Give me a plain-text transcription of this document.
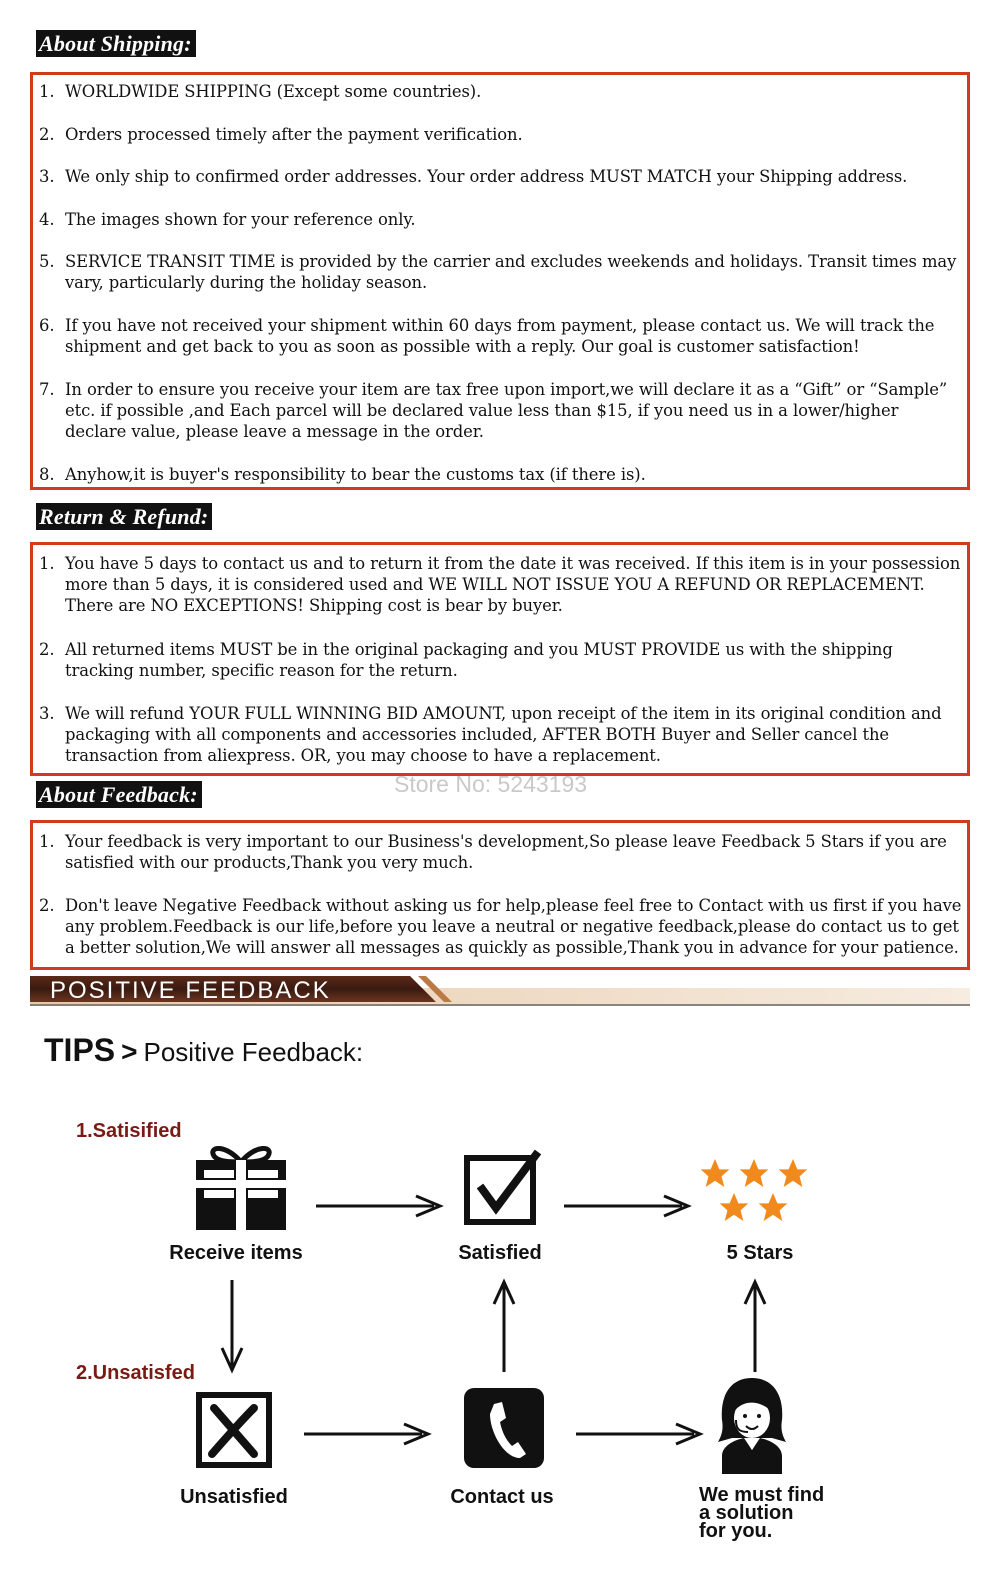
About Shipping:
1. WORLDWIDE SHIPPING (Except some countries).
2. Orders processed timely after the payment verification.
3. We only ship to confirmed order addresses. Your order address MUST MATCH your Shipping address.
4. The images shown for your reference only.
5. SERVICE TRANSIT TIME is provided by the carrier and excludes weekends and holidays. Transit times may vary, particularly during the holiday season.
6. If you have not received your shipment within 60 days from payment, please contact us. We will track the shipment and get back to you as soon as possible with a reply. Our goal is customer satisfaction!
7. In order to ensure you receive your item are tax free upon import,we will declare it as a “Gift” or “Sample” etc. if possible ,and Each parcel will be declared value less than $15, if you need us in a lower/higher declare value, please leave a message in the order.
8. Anyhow,it is buyer's responsibility to bear the customs tax (if there is).
Return & Refund:
1. You have 5 days to contact us and to return it from the date it was received. If this item is in your possession more than 5 days, it is considered used and WE WILL NOT ISSUE YOU A REFUND OR REPLACEMENT. There are NO EXCEPTIONS! Shipping cost is bear by buyer.
2. All returned items MUST be in the original packaging and you MUST PROVIDE us with the shipping tracking number, specific reason for the return.
3. We will refund YOUR FULL WINNING BID AMOUNT, upon receipt of the item in its original condition and packaging with all components and accessories included, AFTER BOTH Buyer and Seller cancel the transaction from aliexpress. OR, you may choose to have a replacement.
About Feedback:	Store No: 5243193
1. Your feedback is very important to our Business's development,So please leave Feedback 5 Stars if you are satisfied with our products,Thank you very much.
2. Don't leave Negative Feedback without asking us for help,please feel free to Contact with us first if you have any problem.Feedback is our life,before you leave a neutral or negative feedback,please do contact us to get a better solution,We will answer all messages as quickly as possible,Thank you in advance for your patience.
POSITIVE FEEDBACK
TIPS > Positive Feedback:
1.Satisified
2.Unsatisfed
Receive items	Satisfied	5 Stars
Unsatisfied	Contact us	We must find a solution for you.
